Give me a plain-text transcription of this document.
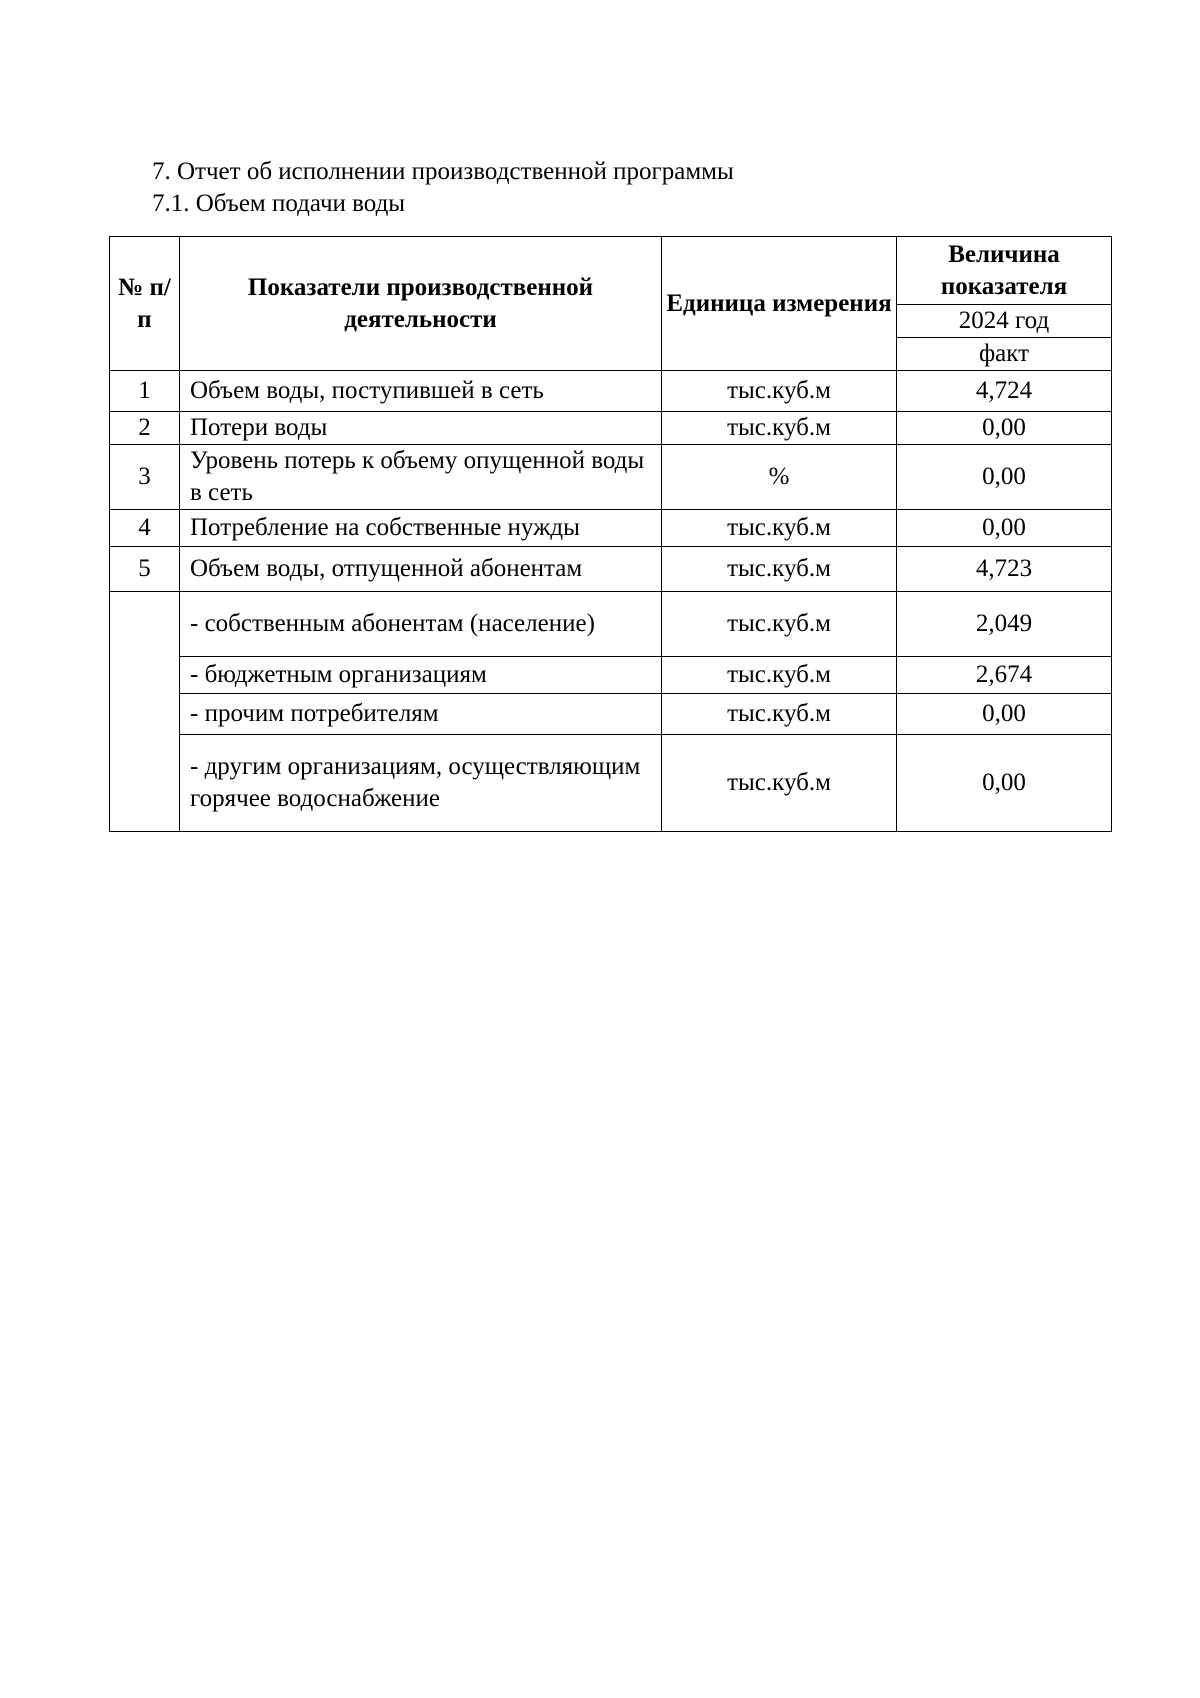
7. Отчет об исполнении производственной программы
7.1. Объем подачи воды
№ п/п	Показатели производственной деятельности	Единица измерения	Величина показателя
			2024 год
			факт
1	Объем воды, поступившей в сеть	тыс.куб.м	4,724
2	Потери воды	тыс.куб.м	0,00
3	Уровень потерь к объему опущенной воды в сеть	%	0,00
4	Потребление на собственные нужды	тыс.куб.м	0,00
5	Объем воды, отпущенной абонентам	тыс.куб.м	4,723
	- собственным абонентам (население)	тыс.куб.м	2,049
	- бюджетным организациям	тыс.куб.м	2,674
	- прочим потребителям	тыс.куб.м	0,00
	- другим организациям, осуществляющим горячее водоснабжение	тыс.куб.м	0,00
